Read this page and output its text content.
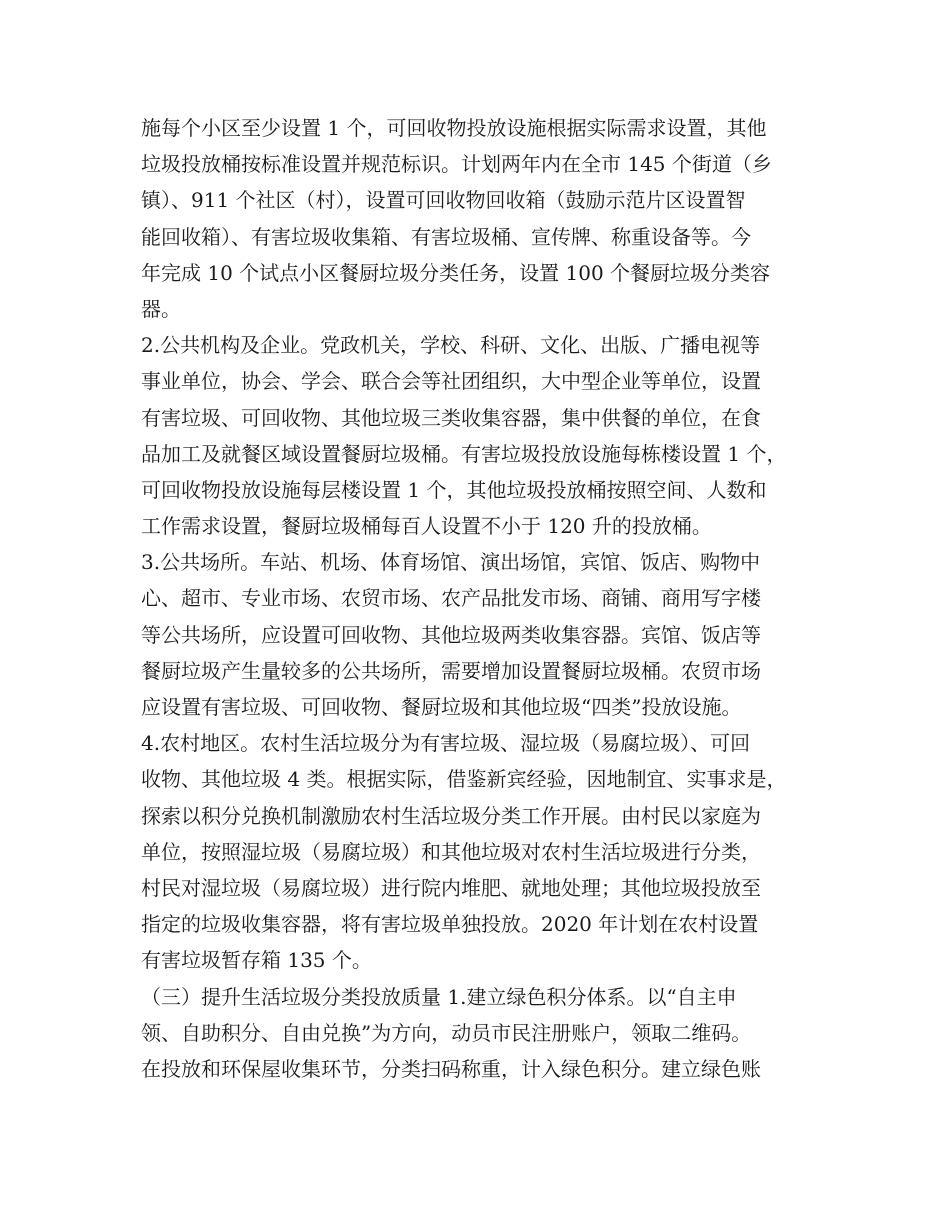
施每个小区至少设置 1 个，可回收物投放设施根据实际需求设置，其他
垃圾投放桶按标准设置并规范标识。计划两年内在全市 145 个街道（乡
镇）、911 个社区（村），设置可回收物回收箱（鼓励示范片区设置智
能回收箱）、有害垃圾收集箱、有害垃圾桶、宣传牌、称重设备等。今
年完成 10 个试点小区餐厨垃圾分类任务，设置 100 个餐厨垃圾分类容
器。
2.公共机构及企业。党政机关，学校、科研、文化、出版、广播电视等
事业单位，协会、学会、联合会等社团组织，大中型企业等单位，设置
有害垃圾、可回收物、其他垃圾三类收集容器，集中供餐的单位，在食
品加工及就餐区域设置餐厨垃圾桶。有害垃圾投放设施每栋楼设置 1 个，
可回收物投放设施每层楼设置 1 个，其他垃圾投放桶按照空间、人数和
工作需求设置，餐厨垃圾桶每百人设置不小于 120 升的投放桶。
3.公共场所。车站、机场、体育场馆、演出场馆，宾馆、饭店、购物中
心、超市、专业市场、农贸市场、农产品批发市场、商铺、商用写字楼
等公共场所，应设置可回收物、其他垃圾两类收集容器。宾馆、饭店等
餐厨垃圾产生量较多的公共场所，需要增加设置餐厨垃圾桶。农贸市场
应设置有害垃圾、可回收物、餐厨垃圾和其他垃圾“四类”投放设施。
4.农村地区。农村生活垃圾分为有害垃圾、湿垃圾（易腐垃圾）、可回
收物、其他垃圾 4 类。根据实际，借鉴新宾经验，因地制宜、实事求是，
探索以积分兑换机制激励农村生活垃圾分类工作开展。由村民以家庭为
单位，按照湿垃圾（易腐垃圾）和其他垃圾对农村生活垃圾进行分类，
村民对湿垃圾（易腐垃圾）进行院内堆肥、就地处理；其他垃圾投放至
指定的垃圾收集容器，将有害垃圾单独投放。2020 年计划在农村设置
有害垃圾暂存箱 135 个。
（三）提升生活垃圾分类投放质量 1.建立绿色积分体系。以“自主申
领、自助积分、自由兑换”为方向，动员市民注册账户，领取二维码。
在投放和环保屋收集环节，分类扫码称重，计入绿色积分。建立绿色账
